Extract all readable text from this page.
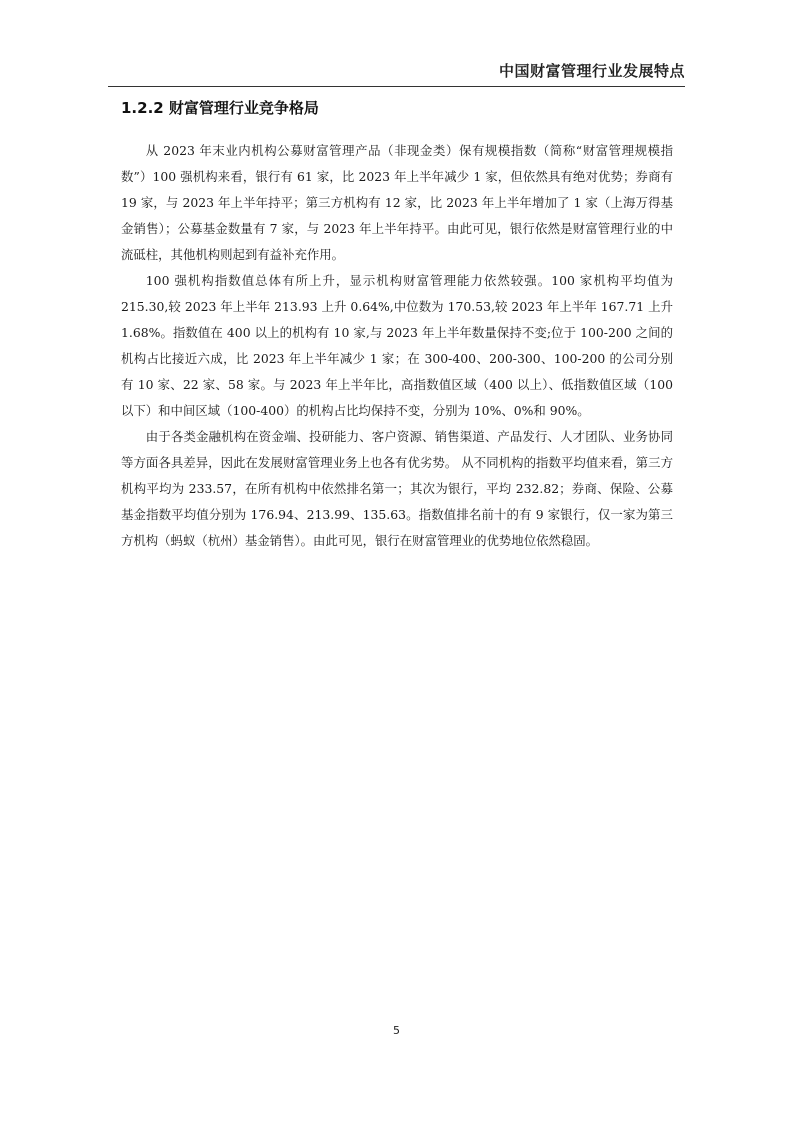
中国财富管理行业发展特点
1.2.2 财富管理行业竞争格局

从 2023 年末业内机构公募财富管理产品（非现金类）保有规模指数（简称“财富管理规模指数”）100 强机构来看，银行有 61 家，比 2023 年上半年减少 1 家，但依然具有绝对优势；券商有 19 家，与 2023 年上半年持平；第三方机构有 12 家，比 2023 年上半年增加了 1 家（上海万得基金销售）；公募基金数量有 7 家，与 2023 年上半年持平。由此可见，银行依然是财富管理行业的中流砥柱，其他机构则起到有益补充作用。

100 强机构指数值总体有所上升，显示机构财富管理能力依然较强。100 家机构平均值为 215.30,较 2023 年上半年 213.93 上升 0.64%,中位数为 170.53,较 2023 年上半年 167.71 上升 1.68%。指数值在 400 以上的机构有 10 家,与 2023 年上半年数量保持不变;位于 100-200 之间的机构占比接近六成，比 2023 年上半年减少 1 家；在 300-400、200-300、100-200 的公司分别有 10 家、22 家、58 家。与 2023 年上半年比，高指数值区域（400 以上）、低指数值区域（100 以下）和中间区域（100-400）的机构占比均保持不变，分别为 10%、0%和 90%。

由于各类金融机构在资金端、投研能力、客户资源、销售渠道、产品发行、人才团队、业务协同等方面各具差异，因此在发展财富管理业务上也各有优劣势。 从不同机构的指数平均值来看，第三方机构平均为 233.57，在所有机构中依然排名第一；其次为银行，平均 232.82；券商、保险、公募基金指数平均值分别为 176.94、213.99、135.63。指数值排名前十的有 9 家银行，仅一家为第三方机构（蚂蚁（杭州）基金销售）。由此可见，银行在财富管理业的优势地位依然稳固。

5
